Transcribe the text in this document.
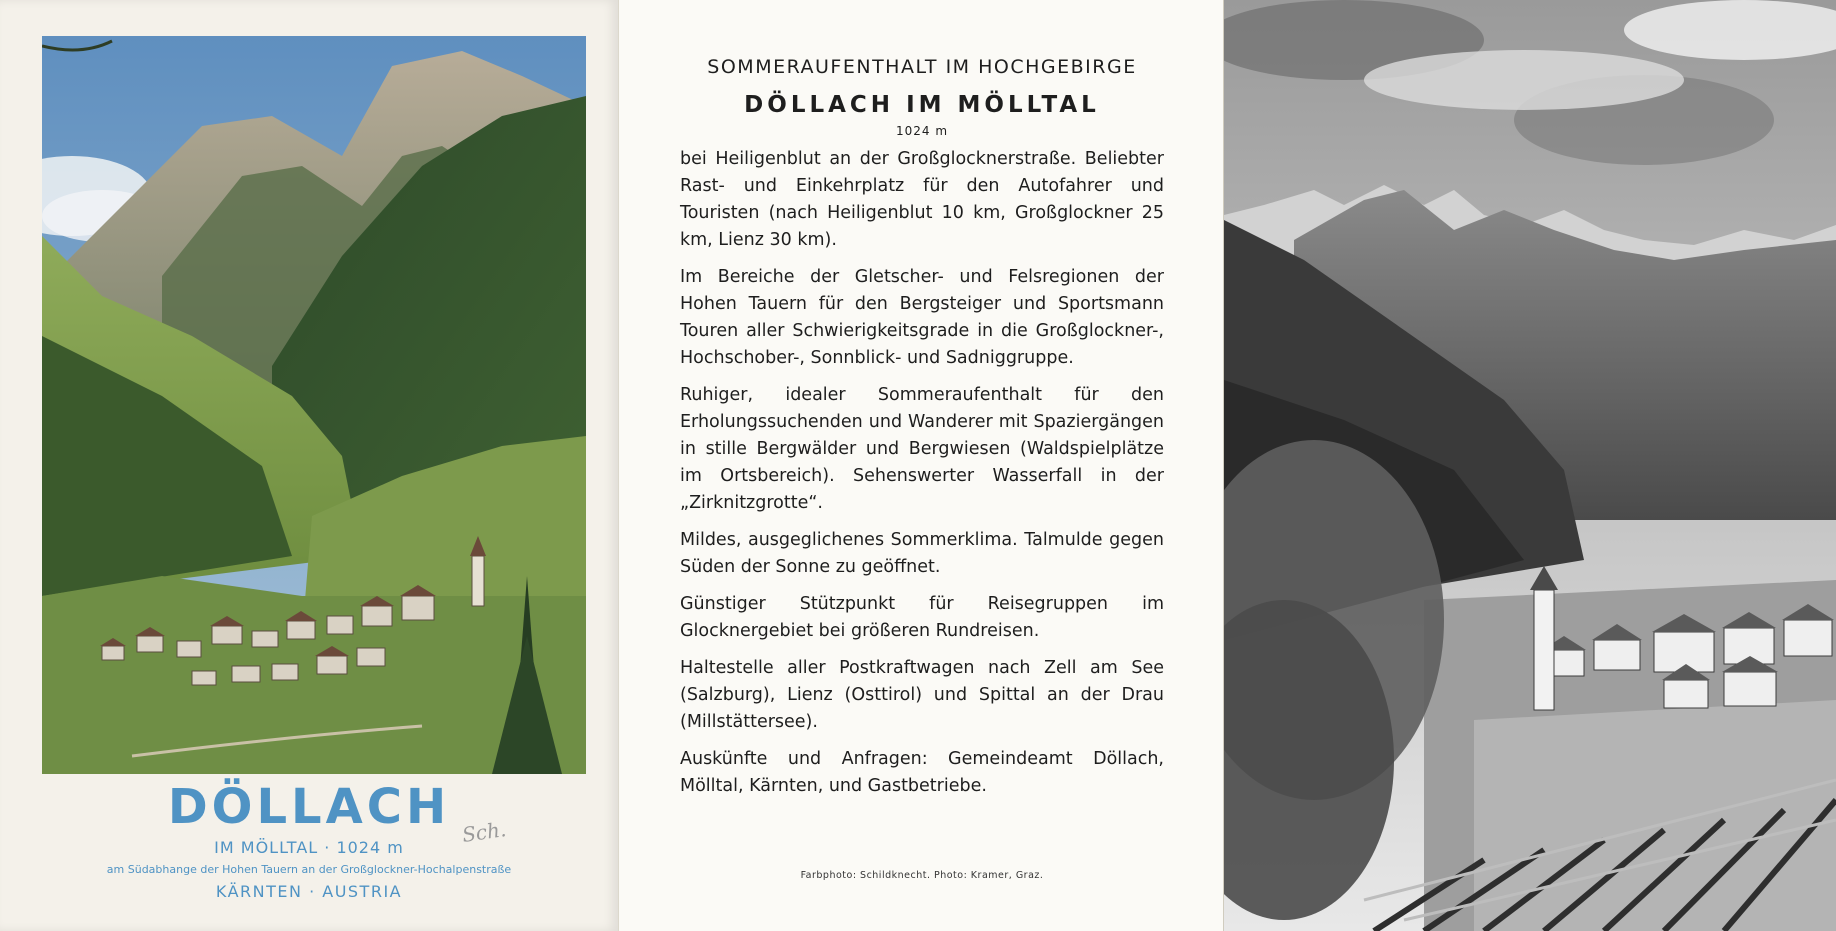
DÖLLACH
IM MÖLLTAL · 1024 m
am Südabhange der Hohen Tauern an der Großglockner-Hochalpenstraße
KÄRNTEN · AUSTRIA
Sch.
SOMMERAUFENTHALT IM HOCHGEBIRGE
DÖLLACH IM MÖLLTAL
1024 m

bei Heiligenblut an der Großglocknerstraße. Beliebter Rast- und Einkehrplatz für den Autofahrer und Touristen (nach Heiligenblut 10 km, Großglockner 25 km, Lienz 30 km).

Im Bereiche der Gletscher- und Felsregionen der Hohen Tauern für den Bergsteiger und Sportsmann Touren aller Schwierigkeitsgrade in die Großglockner-, Hochschober-, Sonnblick- und Sadniggruppe.

Ruhiger, idealer Sommeraufenthalt für den Erholungssuchenden und Wanderer mit Spaziergängen in stille Bergwälder und Bergwiesen (Waldspielplätze im Ortsbereich). Sehenswerter Wasserfall in der „Zirknitzgrotte“.

Mildes, ausgeglichenes Sommerklima. Talmulde gegen Süden der Sonne zu geöffnet.

Günstiger Stützpunkt für Reisegruppen im Glocknergebiet bei größeren Rundreisen.

Haltestelle aller Postkraftwagen nach Zell am See (Salzburg), Lienz (Osttirol) und Spittal an der Drau (Millstättersee).

Auskünfte und Anfragen: Gemeindeamt Döllach, Mölltal, Kärnten, und Gastbetriebe.

Farbphoto: Schildknecht. Photo: Kramer, Graz.
